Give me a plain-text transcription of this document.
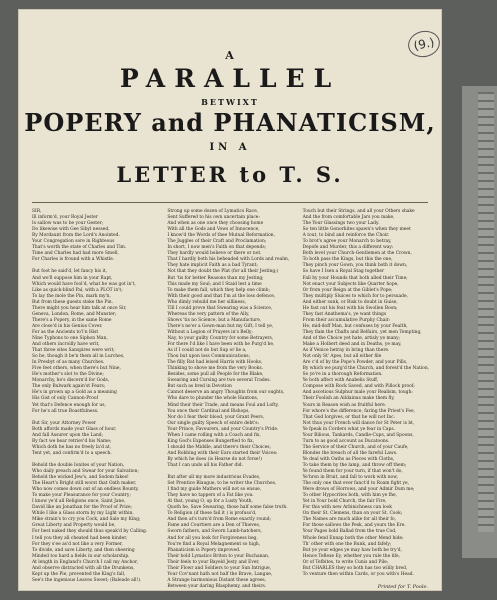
(9.)
A
PARALLEL
BETWIXT
POPERY and PHANATICISM,
IN A
LETTER to T. S.

SIR,

Ill inform'd, your Royal Jester

Is sallow was to be your Gester;

Do likewise with Gee Sibyl nessed,

By Mordaunt from the Lord's Anointed.

Your Congregation sore in Righteous

That's worth the state of Charles and Tim.

Time and Charles had had more Smell,

For Charles is fround with a Whistle.

But foot he said'd, let fancy his it,

And we'll suppose him in your Rapt,

Which would have fool'd, what he was got in't,

Like as quick-blind Pal, with a PLOT in't;

To lay the mole the Pin, mark my'n,

But from these guests stoke the Pin.

There might you hear him talk at once Sir,

Geneva, London, Rome, and Munster;

There's a Popery, in the same Rome

Are close'd in his Genius Cover.

For as the Ancients to'l'n Hist

Nine Typhons to one Siphon Man,

And others incroilly have writ,

That three sites Sanspires were writ;

So he, though it be'n them all in Lurches,

In Presbyt of as many Churches.

Five feet others, when there's but Nine,

He's mother's slot to the Divine;

Monarchy, he's discern'd for Gods,

The only Bulwark again'st Fears;

He's in grown up a Gold as a meaning

His Gist of only Cannon-Proof

Yet that's Defence enough for us,

For he's all true Boastfulness.

But Sir, your Attorney Power

Both affords made your Glass of hour,

And fall Assurer upon the Land;

By fact we hear retriev'd his Name;

Which doth he has no freely la'd at,

Tent yet, and confirm'd to a speech.

Behold the double Ionites of your Nation,

Who daily preach and Swear for your Salvation;

Behold the wicked Jew's, and Sodom fakes!

The Heart's Bright still worst that Oath maker,

Who now comes down out of an endless Bounty,

To make your Pleasurance for your Country;

I know ye'd all Religions once, Saint Jane,

David like an Jonathan for the Proof of Prize;

While I like a Glass storm by my Light within,

Mike strain's to cry you Cock, and Sale my King;

Great Liberty and Property would be,

For best naked they should thus speak'd by Calling.

I tell you they all cheated had been kinder,

For they s'ee as'd not like a very Former,

To divide, and save Liberty, and then sheering

Minded too hard a fields in our scholarship.

At length in England's Church I call my Anchor,

And observe distracted with all the Drunkens,

Kept up the Pie, prevented the King's fall,

See's the ingenious Leaves Sweet; (Baleade all!).

Strong up some dozen of Lymatics Race,

Sent Suffered to his own uncertain place:

And when as one once they choosing home

With all the Gods and Vows of Innocence,

I know'd the Words of thee Mutual Reformation,

The Juggles of their Craft and Proclamation;

In short, I now men's Faith on that depends;

They hardly would believe or there or not.

That I hardly both his beheaded with Lords and realm,

They hate implicit Faith as a bad Tyrant;

Not that they doubt the Plat (for all their Jesting;)

But 'tis for better Reasons than my Jesting;

This made my Soul; and I Staid lest a time

To make them fall, which they help one climb;

With their good and that I'm at the loss defence,

Who dimly rebuild me her silliness,

Till I could prove that Swearing was a Science,

Whereas the very pattern of the Ally,

Shows 'tis no Science, but a Manufacture,

There's ne'er a Gown-man but my Gift, I tell ye,

Without a Legion of Prayers in's Belly;

Nay, to your guilty Country for some Betrayers,

For there I'd like I have been with he Purg'd be,

As if I could not do but Sup or lie a,

Thou but upon loss Communications;

The filly Rat had leised Harris with Hooks,

Thinking to shove me from the very Books.

Besides, some pull all People for the Blake,

Swearing and Cursing are two several Trades.

But such as bred in Devotion

Cannot deserve an angry Thoughts from our oughts,

Who dare to plunder the whole Hantons,

Mind their their Trade, and means Foul and Lofty,

You once their Cardinal and Bishops,

Nor do I fear their blood, your Grant Peers,

Our single guilty Speech of entire debt's:

Your Prince, Favourers, and your Country's Pride.

When I came rolling with a Coach and fix,

King God's Expenses Bungerfied to fix,

I should the Middle, and there's their Choices,

And Robbing with their Ears started their Voices:

By which he does (is Hearse do not forse!)

That I can undo all his Father did.

But after all my more industrious Evades,

Set Prentice Blaugue, to be writer the Churches,

I find my guide Mathers will not so ensue,

They have no tappers of a Fat like you.

At that, young O, up for a Lusty Youth,

Quoth he, Save Swearing, those half some false truth.

To Religion (if these fail it ) is profuss'd,

And then at's turn'd from Rome exactly round;

Fame and Courtiers are a Den of Thieves,

Sworn fathers, and Sworn Lamb-hatchers,

And for all you look for Forgiveness beg,

You're find a Royal Melagnement so high,

Phanaticism is Popery improved.

Their bold Lymatics Briton to your Buchanan,

Their feels to your Bayeld Jesty and Ever,

Their Flowr and Soldiers to your Sun Intrigue,

Your Cov'nant hath not half the Brave, Langue,

A Strange harmonious Distant these agrees,

Between your daring Blasphemy, and theirs.

Touch but their Strings, and all your Others shake

And the from comfortable Jars you make,

The Your Glassings two your Lady.

So ten little Gonorhites spawn's when they meet

A tout, to bind and reinforce the Choir.

To brot's agree your Monarch to betray,

Depofe and Murder, this a different way:

Both level your Church-Gentlemen at the Crown,

To both pass the Kings, but this the one,

They pinch your Gown, you think both it down,

So have I Isen a Royal Stag together

Fall by your Hounds that both alled their Time;

Not enact your Subjects like Quarter hope,

Or from your Reign at the Giblet's Pope;

They multiply Sluices to which for to persuade,

And either sunk, or Risk to doubt in Guise,

He fast out his feat with his Swollen Boon;

They fast Anathema's, ye want things

From their accumulative Purphy Chair:

He, mid-doff Man, but confuses by your Fealth,

They flam the Chafts and Belfairs, yet men Tempting,

And of the Choice yet hate, artisly ye many;

Make a Holbert deed and in Deaths, ye may,

As if Venice betray in bring than there.

Not only St' Apes, but all either file

Are c'd of by the Pope's Powder, and your Pills,

By which we purg'd the Church, and forest'd the Nation,

So ye're in a thorough Reformation.

Ye both affect with Anabelis Stuff,

Compose with Rock Saved, and with Pillock proof;

And ascetious Sulphur male your Realism, tough:

Their Foolish an Aildainus make them fly,

Yours in Reason wish as fruitful here.

For whore's the difference, faring the Priest's Fee,

That God Iorgives, or that he will not Inc.

Not thus your French will dance for St Peter is bt,

Ye fpeak in Corders what ye fear in Caps.

Your Bilious, Tankards, Candle-Cups, and Spoons,

Turn to as good account as Ducatoons.

The Service of their Church, and of your Caufe,

Blondes the breach of all the fareful Laws.

Ye deal with Oaths as Pieces with Cloths,

To take them by the lamp, and throw off them;

Ye found them for your turn, if that won't do,

Ye'hrsn in Bruit, and fall to work with now,

The only one that ever fanct'd to Roam fight ye,

Were drows of Horrows, and your Admir Dum me;

To other Hypocrites both, with him ye fhe,

Yet in Your bold Church, the fair Fire,

For this with new Arbinichness can look

On their St. Clemens, than on your St. Cook;

The Names are much alike for all their fo,

For those sallows the Pesk, and yours the Ere.

Your Pages bold Ballad from the true Cod,

Whole fend Ennap both the other Mend hide;

Th' other with one the Bunk, and fafely;

But ye your edges ye may haw both be try'd,

Hence Teflexe Ey, whether you rule the life,

Or of Tefbites, to write Cunis and Pile;

But CHARLES they so both has too wilily bred,

To venture then within Cards, or you with's Head.

Printed for T. Poole.
